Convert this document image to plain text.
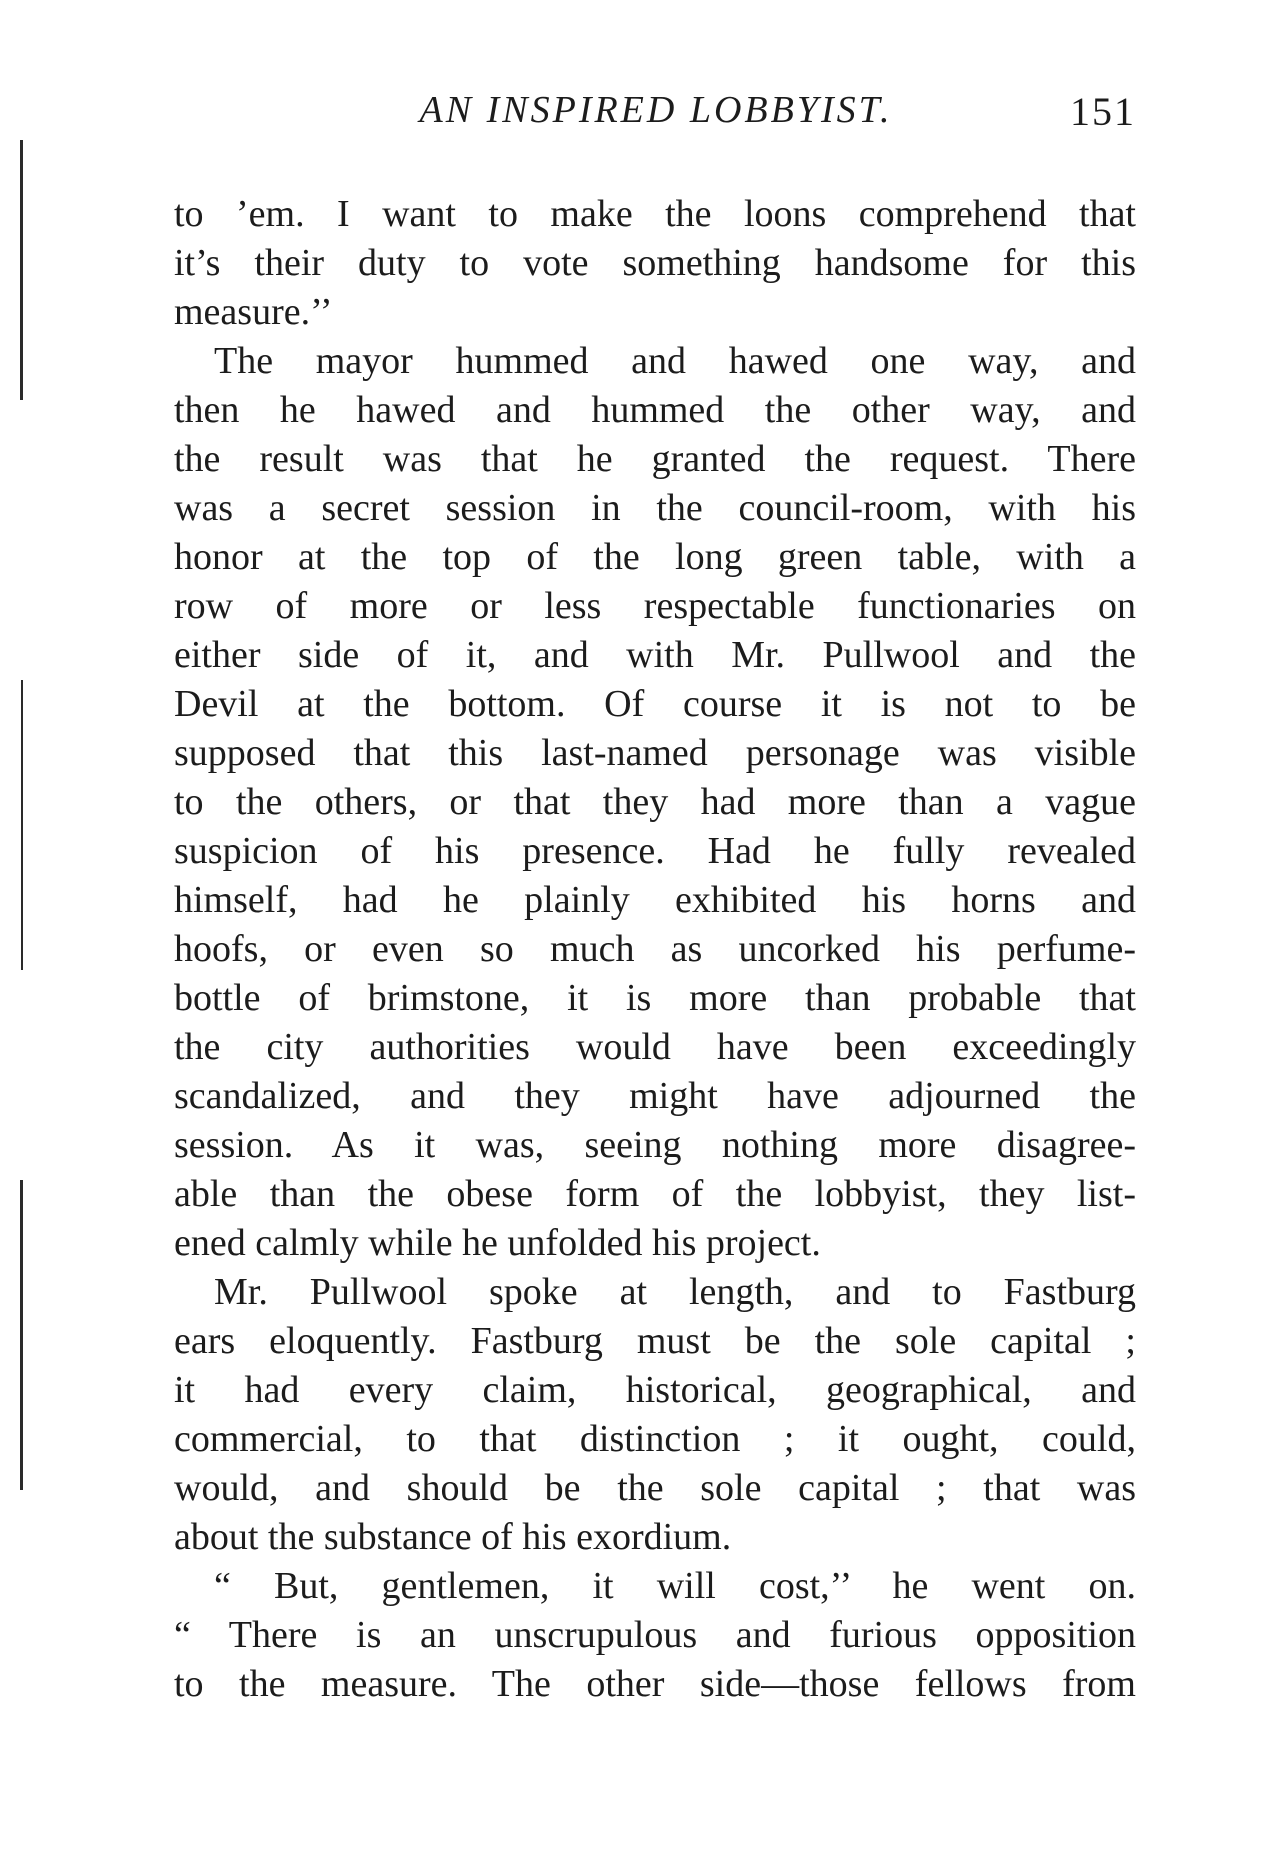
AN INSPIRED LOBBYIST.	151
to ’em. I want to make the loons comprehend that
it’s their duty to vote something handsome for this
measure.’’
The mayor hummed and hawed one way, and
then he hawed and hummed the other way, and
the result was that he granted the request. There
was a secret session in the council-room, with his
honor at the top of the long green table, with a
row of more or less respectable functionaries on
either side of it, and with Mr. Pullwool and the
Devil at the bottom. Of course it is not to be
supposed that this last-named personage was visible
to the others, or that they had more than a vague
suspicion of his presence. Had he fully revealed
himself, had he plainly exhibited his horns and
hoofs, or even so much as uncorked his perfume-
bottle of brimstone, it is more than probable that
the city authorities would have been exceedingly
scandalized, and they might have adjourned the
session. As it was, seeing nothing more disagree-
able than the obese form of the lobbyist, they list-
ened calmly while he unfolded his project.
Mr. Pullwool spoke at length, and to Fastburg
ears eloquently. Fastburg must be the sole capital ;
it had every claim, historical, geographical, and
commercial, to that distinction ; it ought, could,
would, and should be the sole capital ; that was
about the substance of his exordium.
“ But, gentlemen, it will cost,’’ he went on.
“ There is an unscrupulous and furious opposition
to the measure. The other side—those fellows from
